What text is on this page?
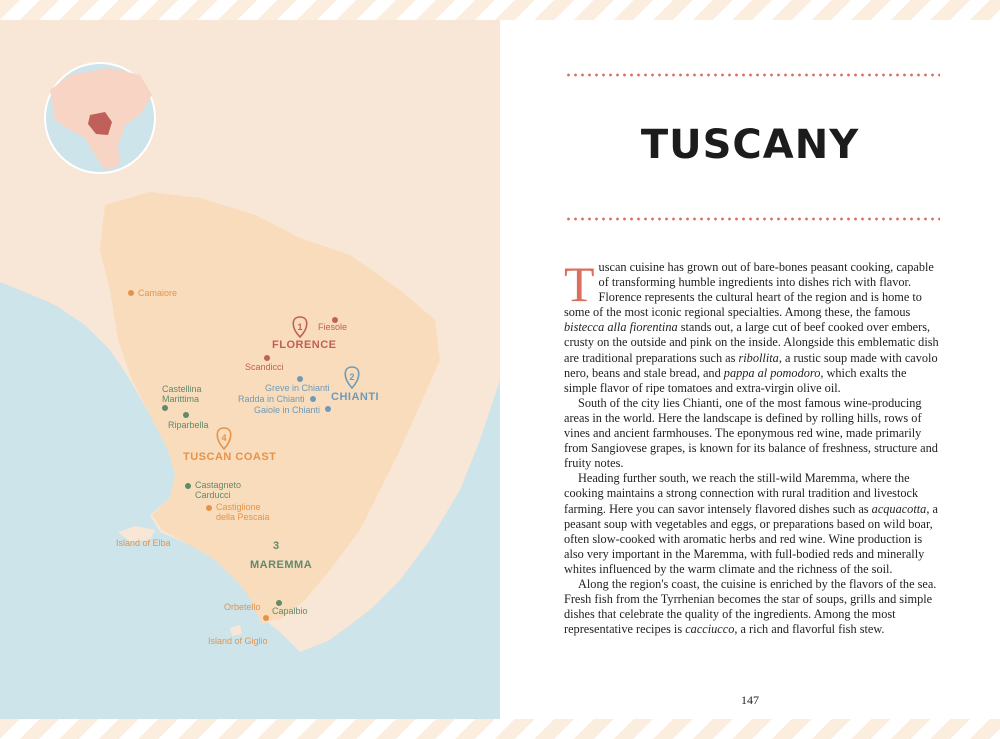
1
2
4
3
FLORENCE
CHIANTI
TUSCAN COAST
MAREMMA
Camaiore
Fiesole
Scandicci
Greve in Chianti
Radda in Chianti
Gaiole in Chianti
Castellina
Marittima
Riparbella
Castagneto
Carducci
Castiglione
della Pescaia
Island of Elba
Orbetello Capalbio
Island of Giglio
TUSCANY

Tuscan cuisine has grown out of bare-bones peasant cooking, capable of transforming humble ingredients into dishes rich with flavor. Florence represents the cultural heart of the region and is home to some of the most iconic regional specialties. Among these, the famous bistecca alla fiorentina stands out, a large cut of beef cooked over embers, crusty on the outside and pink on the inside. Alongside this emblematic dish are traditional preparations such as ribollita, a rustic soup made with cavolo nero, beans and stale bread, and pappa al pomodoro, which exalts the simple flavor of ripe tomatoes and extra-virgin olive oil.

South of the city lies Chianti, one of the most famous wine-producing areas in the world. Here the landscape is defined by rolling hills, rows of vines and ancient farmhouses. The eponymous red wine, made primarily from Sangiovese grapes, is known for its balance of freshness, structure and fruity notes.

Heading further south, we reach the still-wild Maremma, where the cooking maintains a strong connection with rural tradition and livestock farming. Here you can savor intensely flavored dishes such as acquacotta, a peasant soup with vegetables and eggs, or preparations based on wild boar, often slow-cooked with aromatic herbs and red wine. Wine production is also very important in the Maremma, with full-bodied reds and minerally whites influenced by the warm climate and the richness of the soil.

Along the region's coast, the cuisine is enriched by the flavors of the sea. Fresh fish from the Tyrrhenian becomes the star of soups, grills and simple dishes that celebrate the quality of the ingredients. Among the most representative recipes is cacciucco, a rich and flavorful fish stew.

147
